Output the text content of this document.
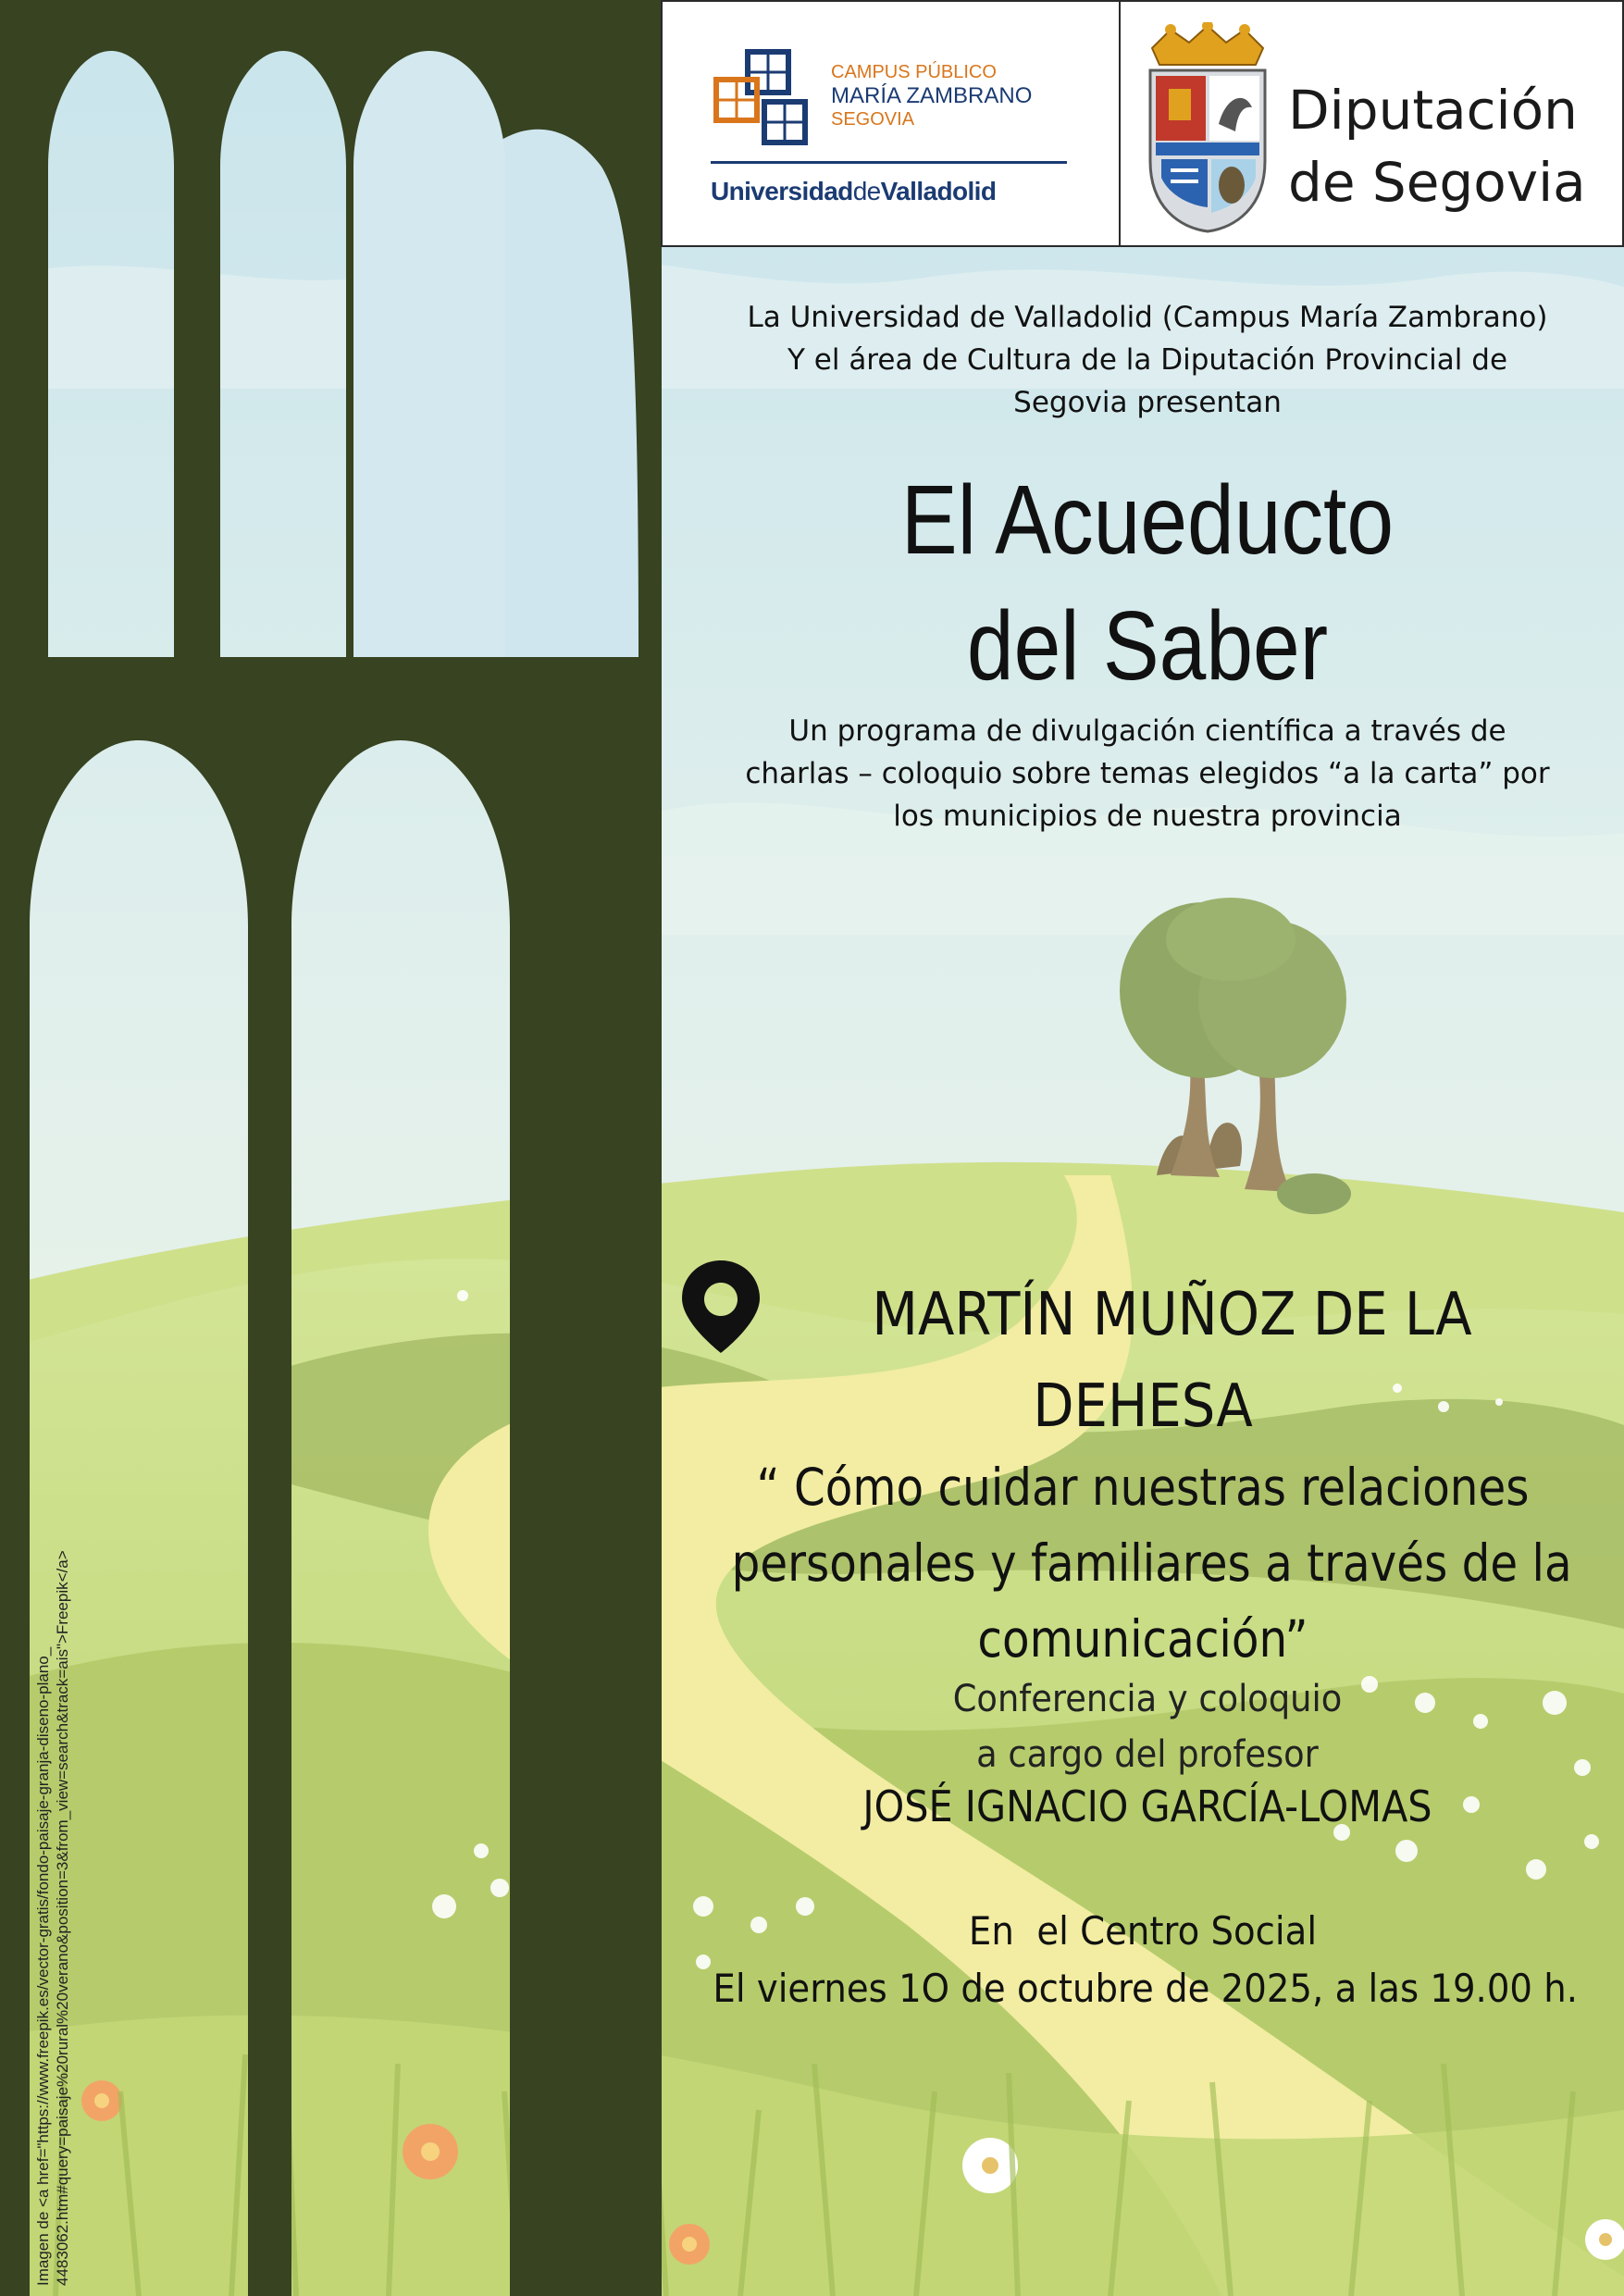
CAMPUS PÚBLICO
MARÍA ZAMBRANO
SEGOVIA
UniversidaddeValladolid
Diputación
de Segovia
La Universidad de Valladolid (Campus María Zambrano)
Y el área de Cultura de la Diputación Provincial de
Segovia presentan
El Acueducto
del Saber
Un programa de divulgación científica a través de
charlas – coloquio sobre temas elegidos “a la carta” por
los municipios de nuestra provincia
MARTÍN MUÑOZ DE LA
DEHESA
“ Cómo cuidar nuestras relaciones
personales y familiares a través de la
comunicación”
Conferencia y coloquio
a cargo del profesor
JOSÉ IGNACIO GARCÍA-LOMAS
En  el Centro Social
El viernes 1O de octubre de 2025, a las 19.00 h.
Imagen de <a href="https://www.freepik.es/vector-gratis/fondo-paisaje-granja-diseno-plano_ 4483062.htm#query=paisaje%20rural%20verano&position=3&from_view=search&track=ais">Freepik</a>
